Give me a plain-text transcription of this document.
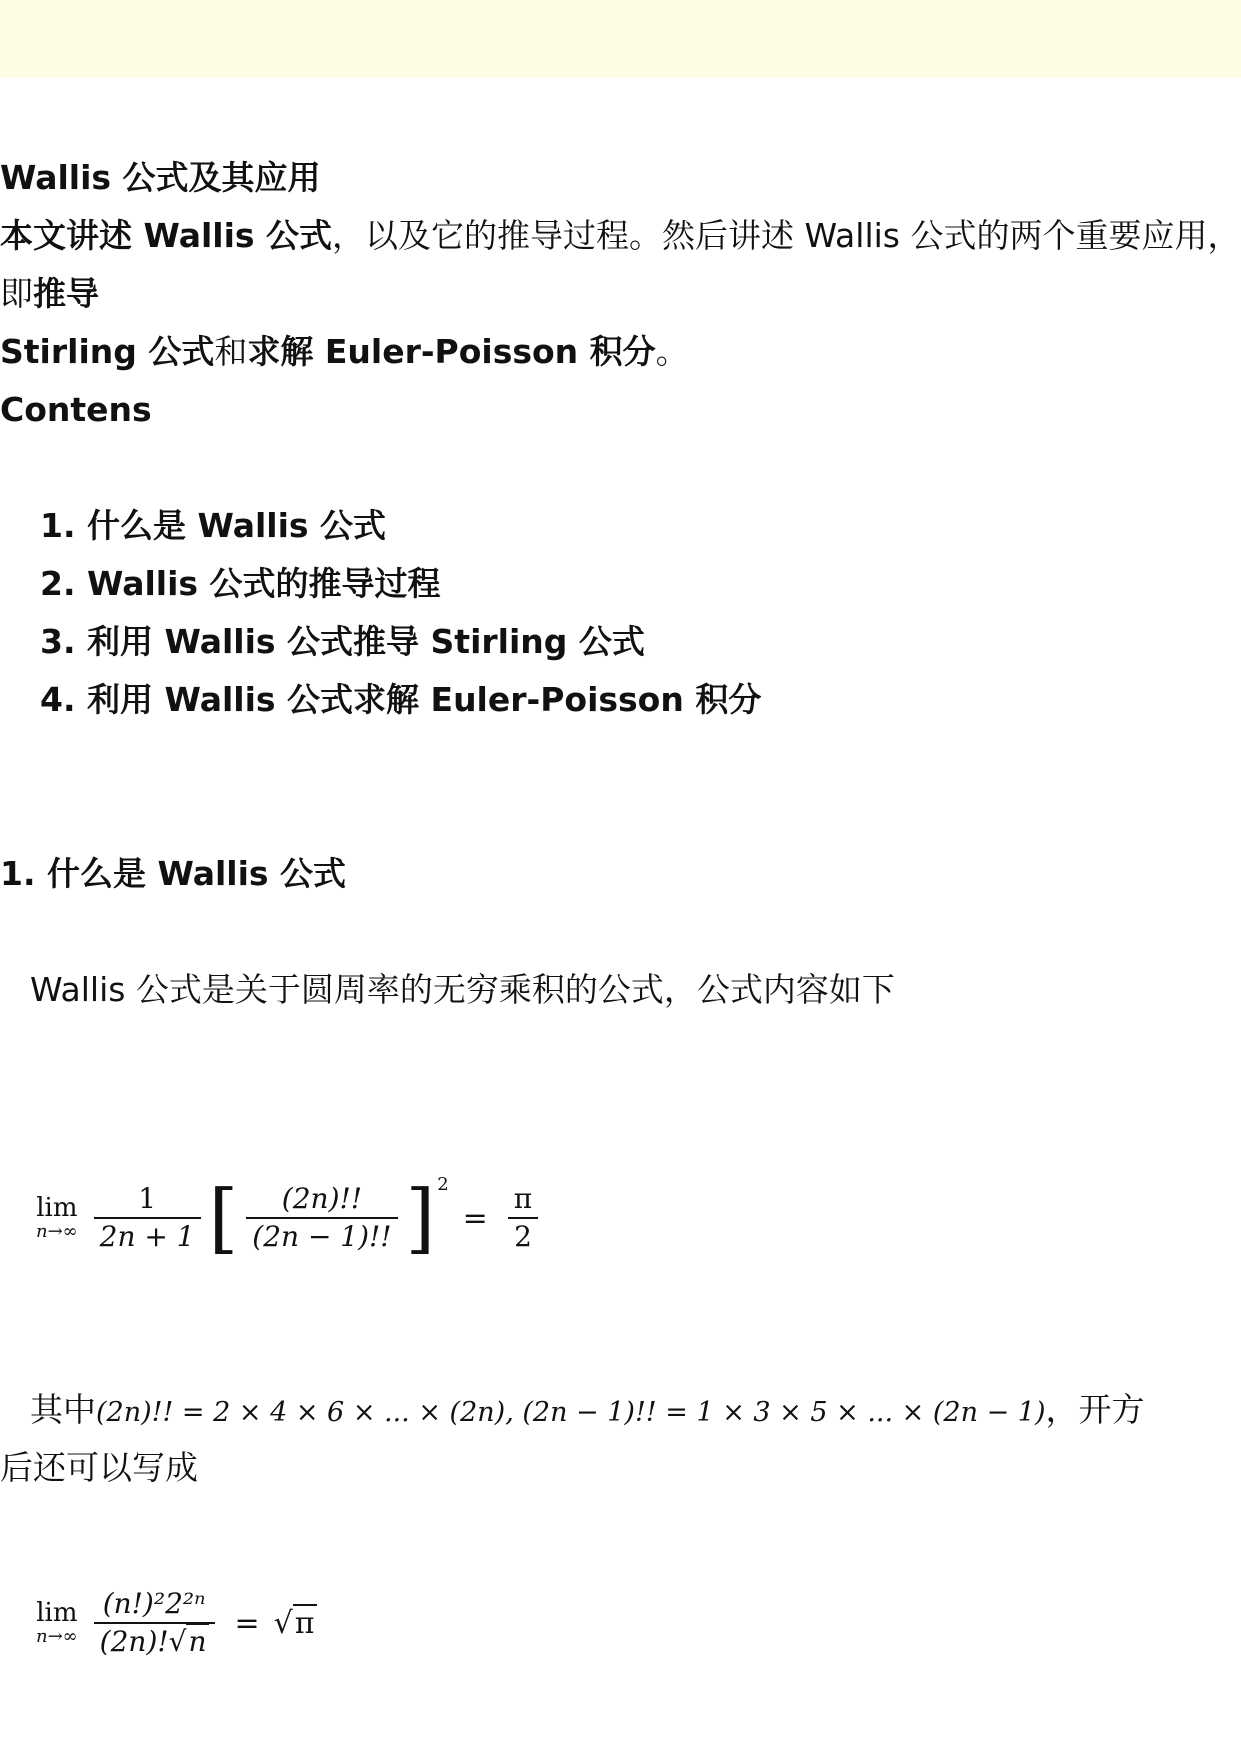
Wallis 公式及其应用
本文讲述 Wallis 公式，以及它的推导过程。然后讲述 Wallis 公式的两个重要应用，
即推导
Stirling 公式和求解 Euler-Poisson 积分。
Contens
1. 什么是 Wallis 公式
2. Wallis 公式的推导过程
3. 利用 Wallis 公式推导 Stirling 公式
4. 利用 Wallis 公式求解 Euler-Poisson 积分
1. 什么是 Wallis 公式
Wallis 公式是关于圆周率的无穷乘积的公式，公式内容如下
lim
$n\to\infty \frac{1}{2n + 1}$ [ $\frac{(2n)!!}{(2n - 1)!!}$ ] 2
= $\frac{\pi}{2}$
其中(2n)!! = 2 × 4 × 6 × ... × (2n), (2n − 1)!! = 1 × 3 × 5 × ... × (2n − 1)，开方
后还可以写成
lim
$n\to\infty \frac{\text{(n!)²2²ⁿ}}{(2n)!√n} = √\pi$
